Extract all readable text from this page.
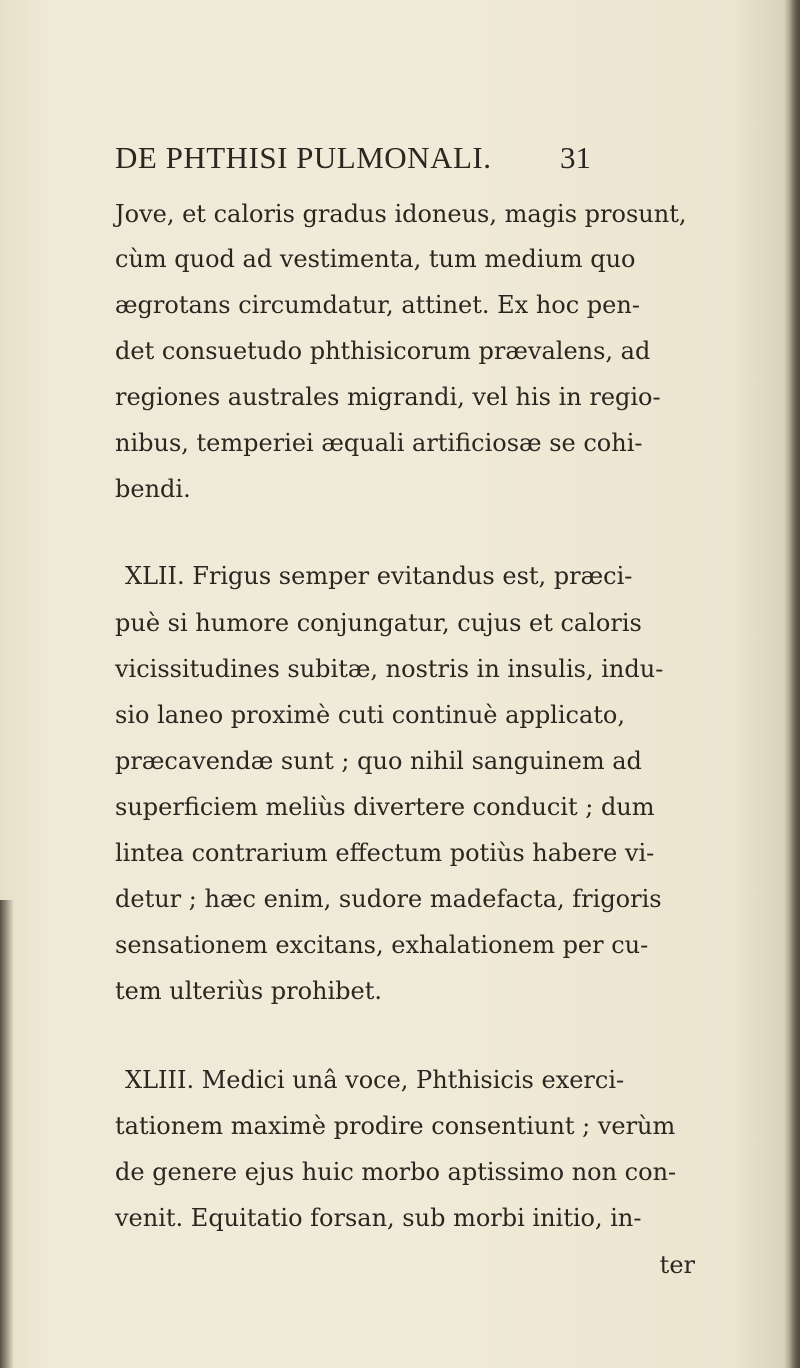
DE PHTHISI PULMONALI. 31
Jove, et caloris gradus idoneus, magis prosunt,
cùm quod ad vestimenta, tum medium quo
ægrotans circumdatur, attinet. Ex hoc pen-
det consuetudo phthisicorum prævalens, ad
regiones australes migrandi, vel his in regio-
nibus, temperiei æquali artificiosæ se cohi-
bendi.
XLII. Frigus semper evitandus est, præci-
puè si humore conjungatur, cujus et caloris
vicissitudines subitæ, nostris in insulis, indu-
sio laneo proximè cuti continuè applicato,
præcavendæ sunt ; quo nihil sanguinem ad
superficiem meliùs divertere conducit ; dum
lintea contrarium effectum potiùs habere vi-
detur ; hæc enim, sudore madefacta, frigoris
sensationem excitans, exhalationem per cu-
tem ulteriùs prohibet.
XLIII. Medici unâ voce, Phthisicis exerci-
tationem maximè prodire consentiunt ; verùm
de genere ejus huic morbo aptissimo non con-
venit. Equitatio forsan, sub morbi initio, in-
ter
